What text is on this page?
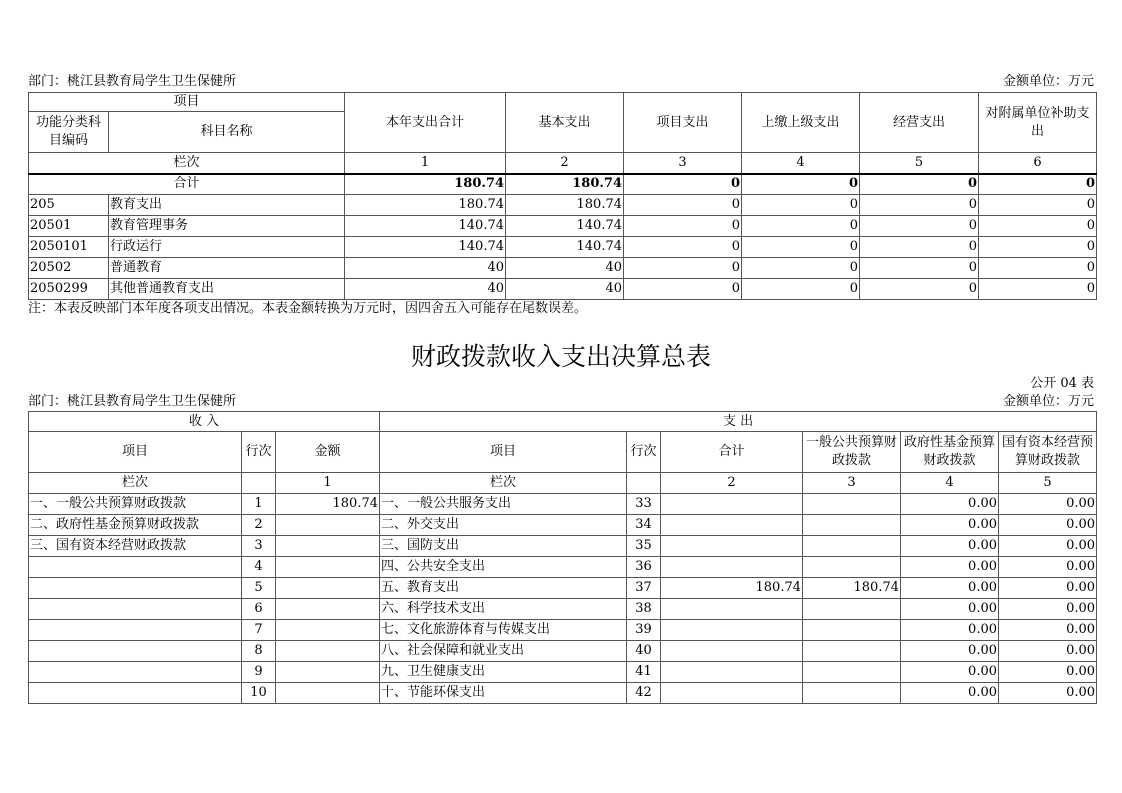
部门：桃江县教育局学生卫生保健所	金额单位：万元
项目		本年支出合计	基本支出	项目支出	上缴上级支出	经营支出	对附属单位补助支出
功能分类科目编码	科目名称						
栏次		1	2	3	4	5	6
合计		180.74	180.74	0	0	0	0
205	教育支出	180.74	180.74	0	0	0	0
20501	教育管理事务	140.74	140.74	0	0	0	0
2050101	行政运行	140.74	140.74	0	0	0	0
20502	普通教育	40	40	0	0	0	0
2050299	其他普通教育支出	40	40	0	0	0	0
注：本表反映部门本年度各项支出情况。本表金额转换为万元时，因四舍五入可能存在尾数误差。
财政拨款收入支出决算总表
公开 04 表
部门：桃江县教育局学生卫生保健所	金额单位：万元
收 入			支 出					
项目	行次	金额	项目	行次	合计	一般公共预算财政拨款	政府性基金预算财政拨款	国有资本经营预算财政拨款
栏次		1	栏次		2	3	4	5
一、一般公共预算财政拨款	1	180.74	一、一般公共服务支出	33			0.00	0.00
二、政府性基金预算财政拨款	2		二、外交支出	34			0.00	0.00
三、国有资本经营财政拨款	3		三、国防支出	35			0.00	0.00
	4		四、公共安全支出	36			0.00	0.00
	5		五、教育支出	37	180.74	180.74	0.00	0.00
	6		六、科学技术支出	38			0.00	0.00
	7		七、文化旅游体育与传媒支出	39			0.00	0.00
	8		八、社会保障和就业支出	40			0.00	0.00
	9		九、卫生健康支出	41			0.00	0.00
	10		十、节能环保支出	42			0.00	0.00
